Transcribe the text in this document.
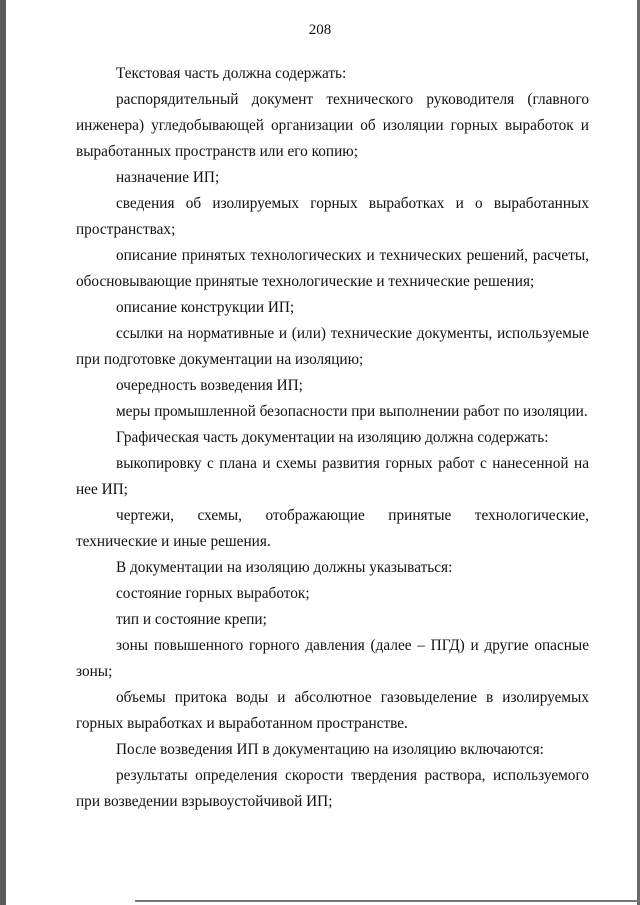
208

Текстовая часть должна содержать:

распорядительный документ технического руководителя (главного инженера) угледобывающей организации об изоляции горных выработок и выработанных пространств или его копию;

назначение ИП;

сведения об изолируемых горных выработках и о выработанных пространствах;

описание принятых технологических и технических решений, расчеты, обосновывающие принятые технологические и технические решения;

описание конструкции ИП;

ссылки на нормативные и (или) технические документы, используемые при подготовке документации на изоляцию;

очередность возведения ИП;

меры промышленной безопасности при выполнении работ по изоляции.

Графическая часть документации на изоляцию должна содержать:

выкопировку с плана и схемы развития горных работ с нанесенной на нее ИП;

чертежи, схемы, отображающие принятые технологические, технические и иные решения.

В документации на изоляцию должны указываться:

состояние горных выработок;

тип и состояние крепи;

зоны повышенного горного давления (далее – ПГД) и другие опасные зоны;

объемы притока воды и абсолютное газовыделение в изолируемых горных выработках и выработанном пространстве.

После возведения ИП в документацию на изоляцию включаются:

результаты определения скорости твердения раствора, используемого при возведении взрывоустойчивой ИП;
